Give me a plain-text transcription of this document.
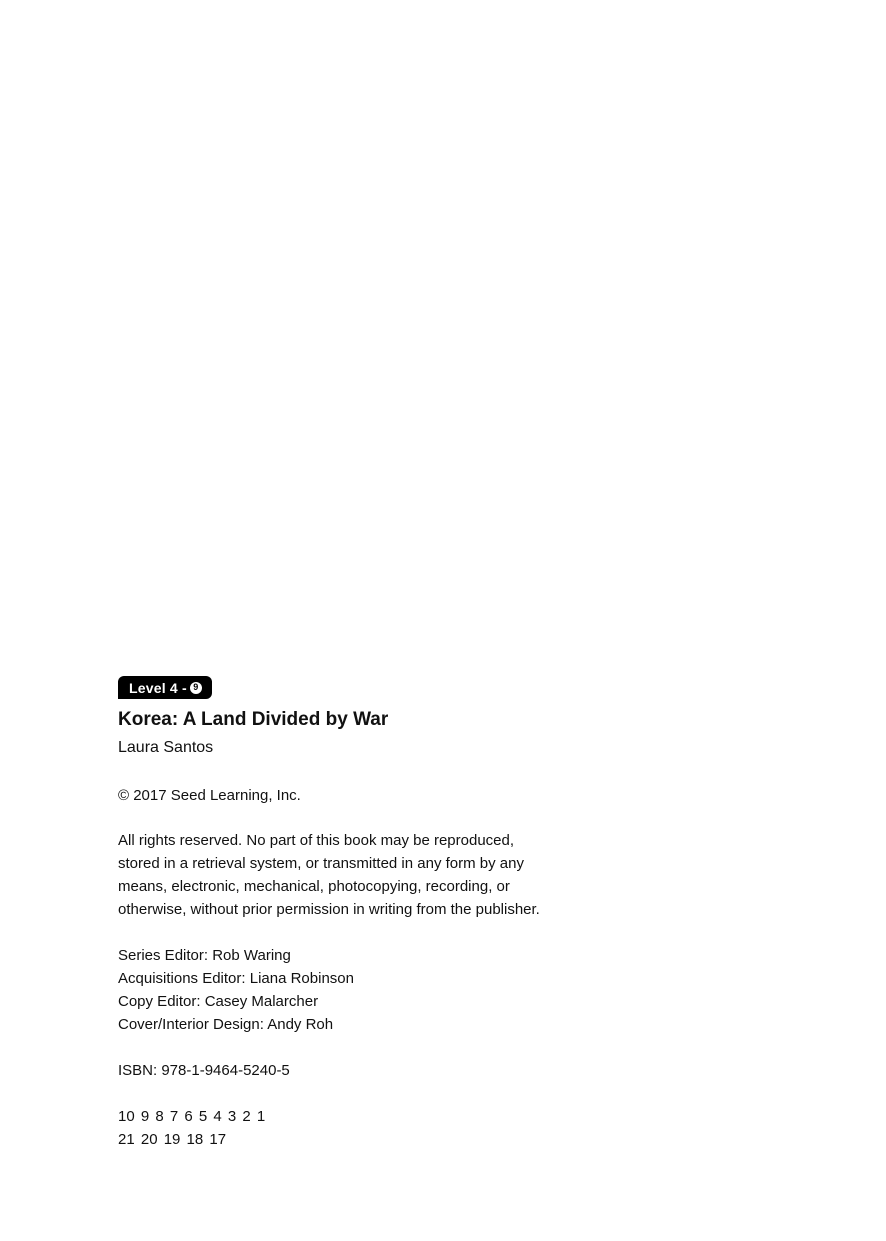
Level 4 - 9
Korea: A Land Divided by War
Laura Santos
© 2017 Seed Learning, Inc.
All rights reserved. No part of this book may be reproduced,
stored in a retrieval system, or transmitted in any form by any
means, electronic, mechanical, photocopying, recording, or
otherwise, without prior permission in writing from the publisher.
Series Editor: Rob Waring
Acquisitions Editor: Liana Robinson
Copy Editor: Casey Malarcher
Cover/Interior Design: Andy Roh
ISBN: 978-1-9464-5240-5
10 9 8 7 6 5 4 3 2 1
21 20 19 18 17
